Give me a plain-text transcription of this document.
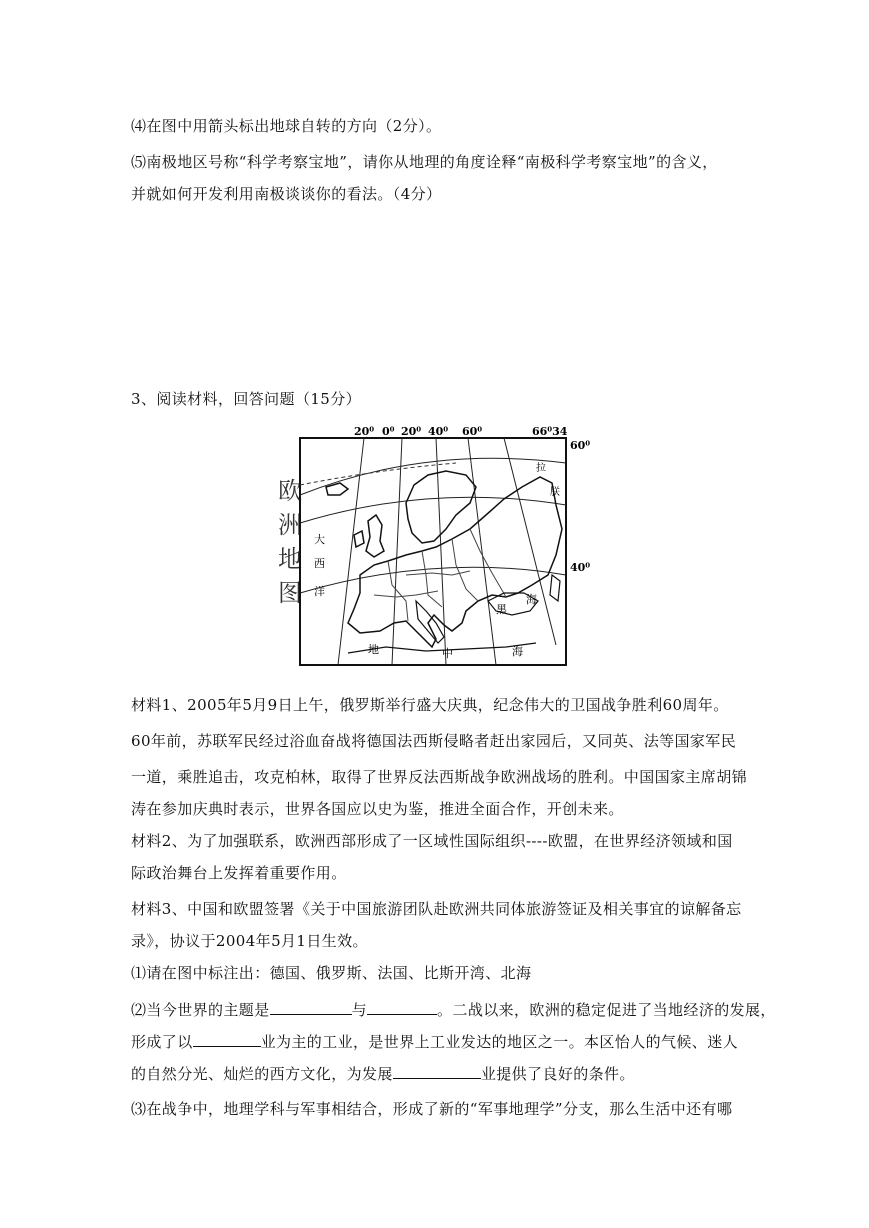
⑷在图中用箭头标出地球自转的方向（2分）。
⑸南极地区号称“科学考察宝地”，请你从地理的角度诠释“南极科学考察宝地”的含义，
并就如何开发利用南极谈谈你的看法。（4分）
3、阅读材料，回答问题（15分）
欧
洲
地
图
20⁰ 0⁰ 20⁰ 40⁰ 60⁰	66⁰34
60⁰
40⁰
拉
朕
大
西
洋
黑
海
地	中	海
材料1、2005年5月9日上午，俄罗斯举行盛大庆典，纪念伟大的卫国战争胜利60周年。
60年前，苏联军民经过浴血奋战将德国法西斯侵略者赶出家园后，又同英、法等国家军民
一道，乘胜追击，攻克柏林，取得了世界反法西斯战争欧洲战场的胜利。中国国家主席胡锦
涛在参加庆典时表示，世界各国应以史为鉴，推进全面合作，开创未来。
材料2、为了加强联系，欧洲西部形成了一区域性国际组织----欧盟，在世界经济领域和国
际政治舞台上发挥着重要作用。
材料3、中国和欧盟签署《关于中国旅游团队赴欧洲共同体旅游签证及相关事宜的谅解备忘
录》，协议于2004年5月1日生效。
⑴请在图中标注出：德国、俄罗斯、法国、比斯开湾、北海
⑵当今世界的主题是	与	。二战以来，欧洲的稳定促进了当地经济的发展，
形成了以	业为主的工业，是世界上工业发达的地区之一。本区怡人的气候、迷人
的自然分光、灿烂的西方文化，为发展	业提供了良好的条件。
⑶在战争中，地理学科与军事相结合，形成了新的“军事地理学”分支，那么生活中还有哪
